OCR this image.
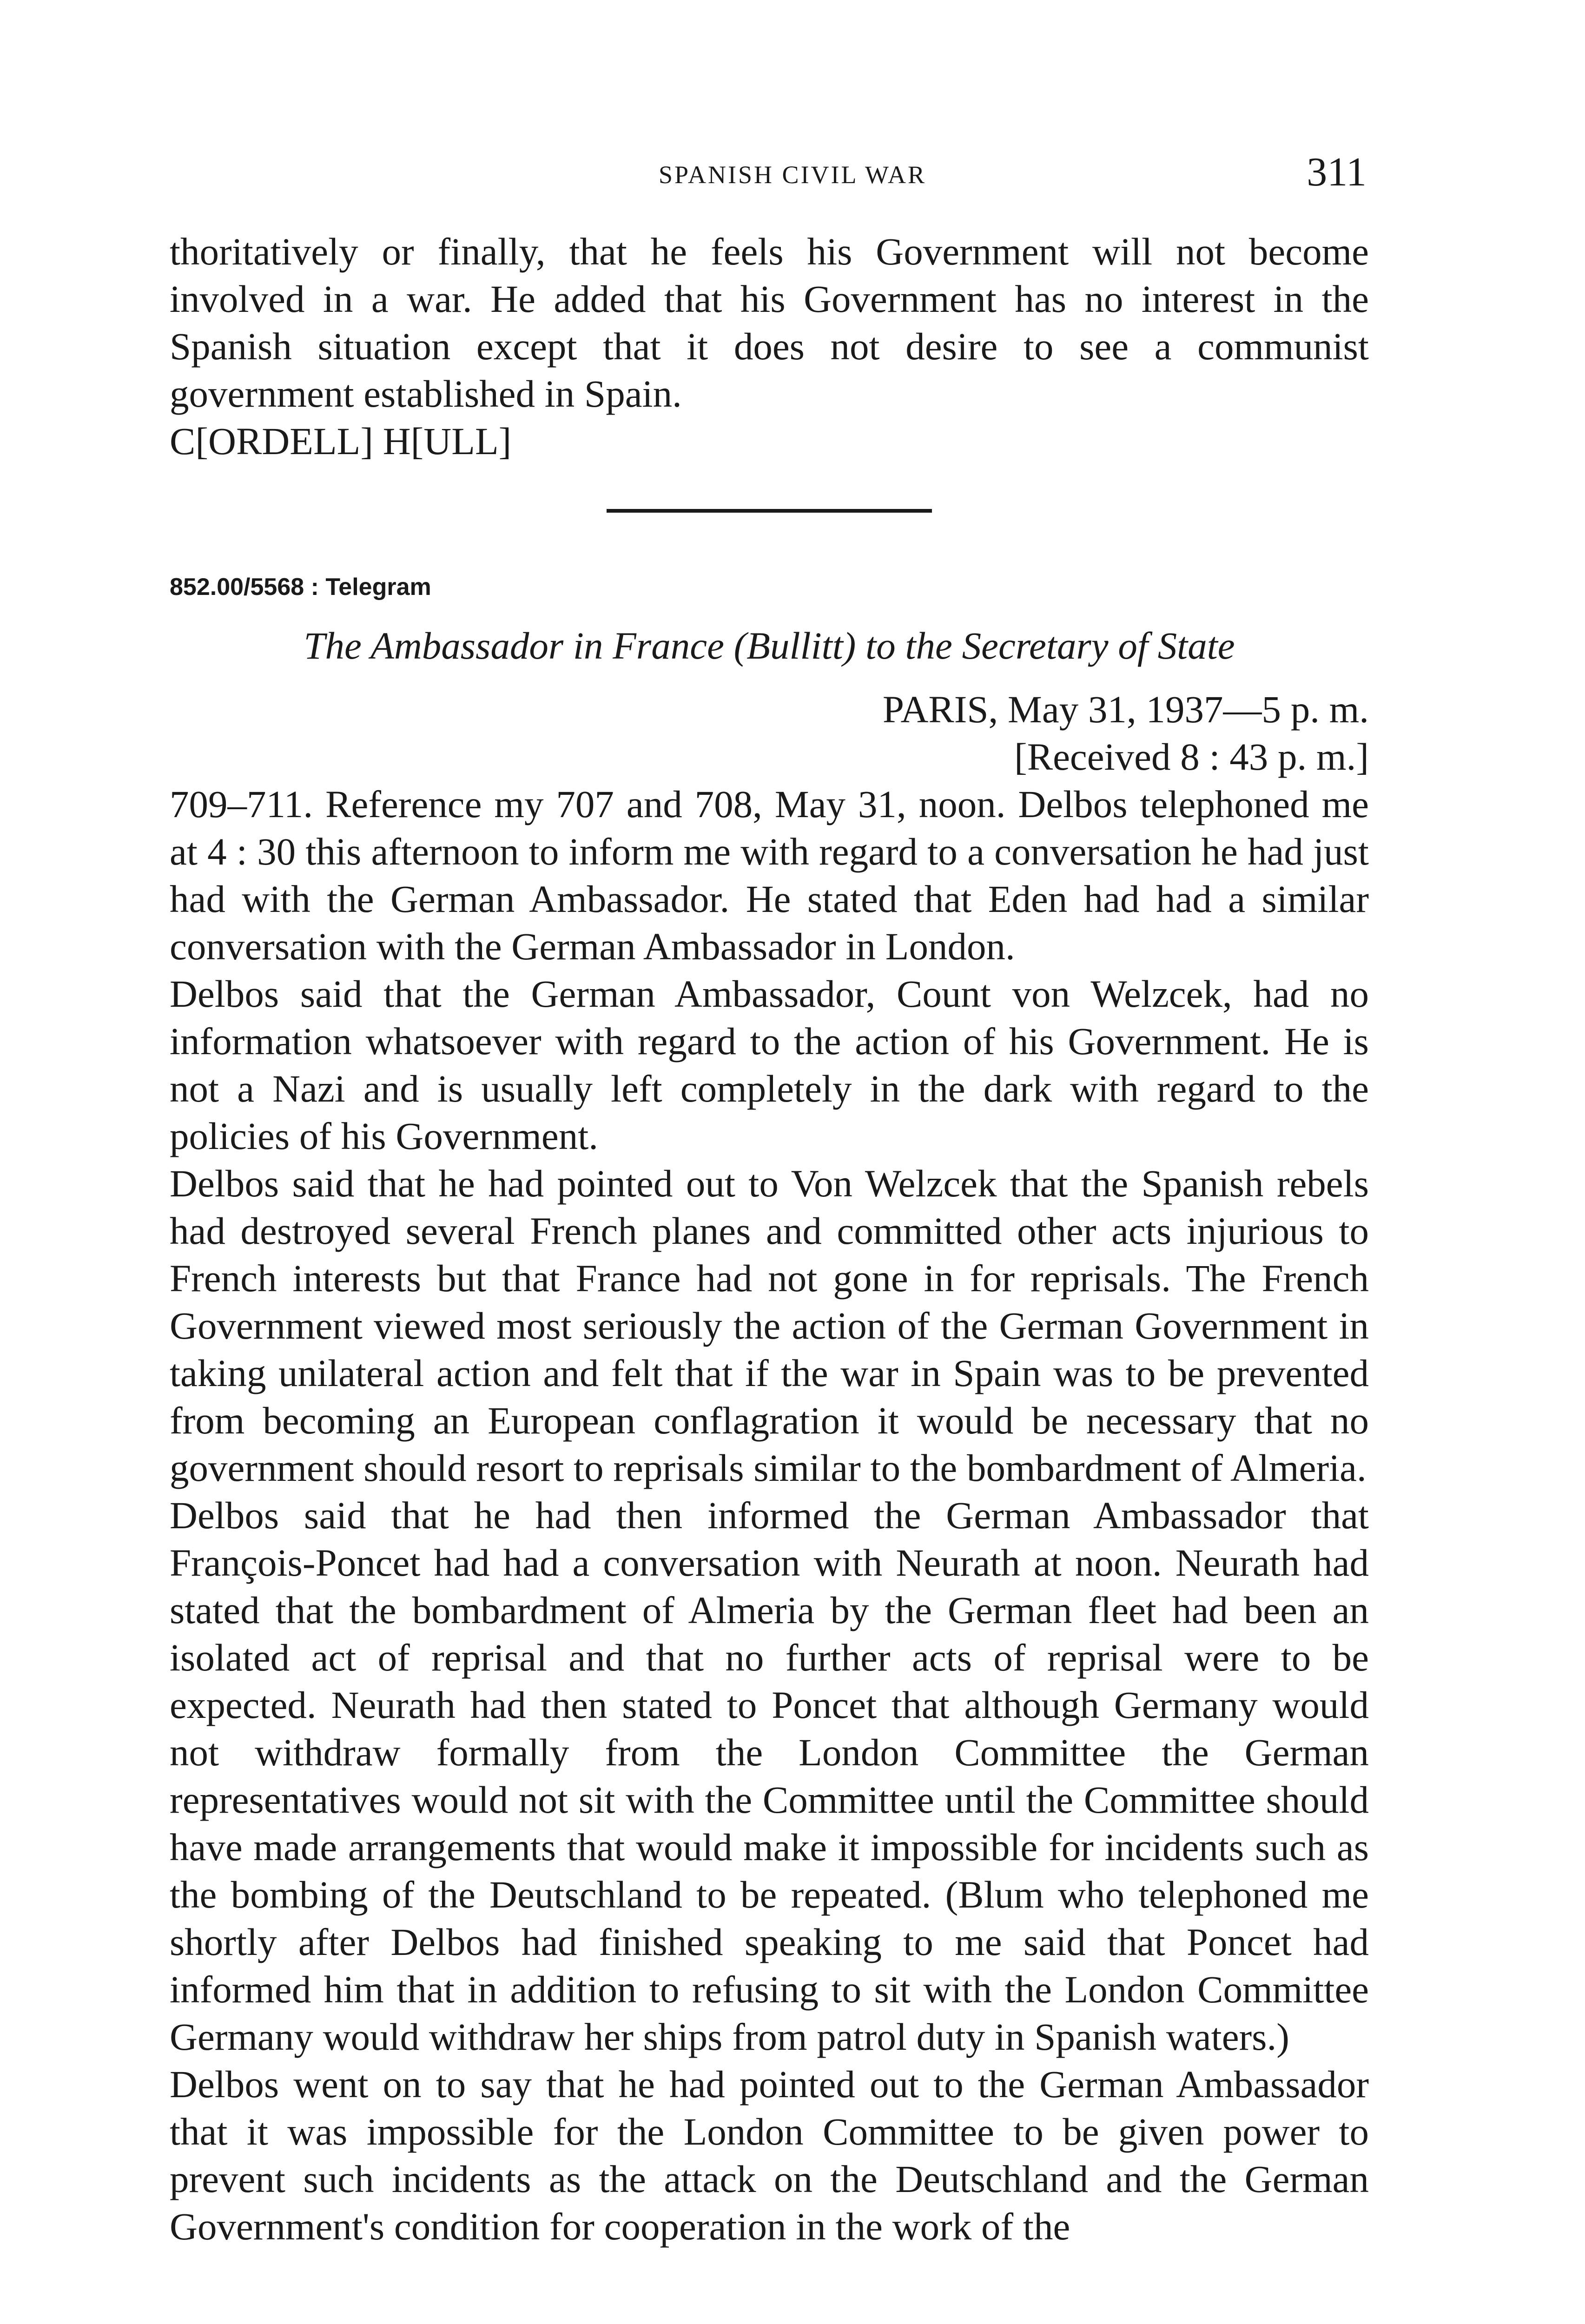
SPANISH CIVIL WAR	311

thoritatively or finally, that he feels his Government will not become involved in a war. He added that his Government has no interest in the Spanish situation except that it does not desire to see a communist government established in Spain.

C[ORDELL] H[ULL]

852.00/5568 : Telegram
The Ambassador in France (Bullitt) to the Secretary of State
PARIS, May 31, 1937—5 p. m.
[Received 8 : 43 p. m.]

709–711. Reference my 707 and 708, May 31, noon. Delbos telephoned me at 4 : 30 this afternoon to inform me with regard to a conversation he had just had with the German Ambassador. He stated that Eden had had a similar conversation with the German Ambassador in London.

Delbos said that the German Ambassador, Count von Welzcek, had no information whatsoever with regard to the action of his Government. He is not a Nazi and is usually left completely in the dark with regard to the policies of his Government.

Delbos said that he had pointed out to Von Welzcek that the Spanish rebels had destroyed several French planes and committed other acts injurious to French interests but that France had not gone in for reprisals. The French Government viewed most seriously the action of the German Government in taking unilateral action and felt that if the war in Spain was to be prevented from becoming an European conflagration it would be necessary that no government should resort to reprisals similar to the bombardment of Almeria.

Delbos said that he had then informed the German Ambassador that François-Poncet had had a conversation with Neurath at noon. Neurath had stated that the bombardment of Almeria by the German fleet had been an isolated act of reprisal and that no further acts of reprisal were to be expected. Neurath had then stated to Poncet that although Germany would not withdraw formally from the London Committee the German representatives would not sit with the Committee until the Committee should have made arrangements that would make it impossible for incidents such as the bombing of the Deutschland to be repeated. (Blum who telephoned me shortly after Delbos had finished speaking to me said that Poncet had informed him that in addition to refusing to sit with the London Committee Germany would withdraw her ships from patrol duty in Spanish waters.)

Delbos went on to say that he had pointed out to the German Ambassador that it was impossible for the London Committee to be given power to prevent such incidents as the attack on the Deutschland and the German Government's condition for cooperation in the work of the
